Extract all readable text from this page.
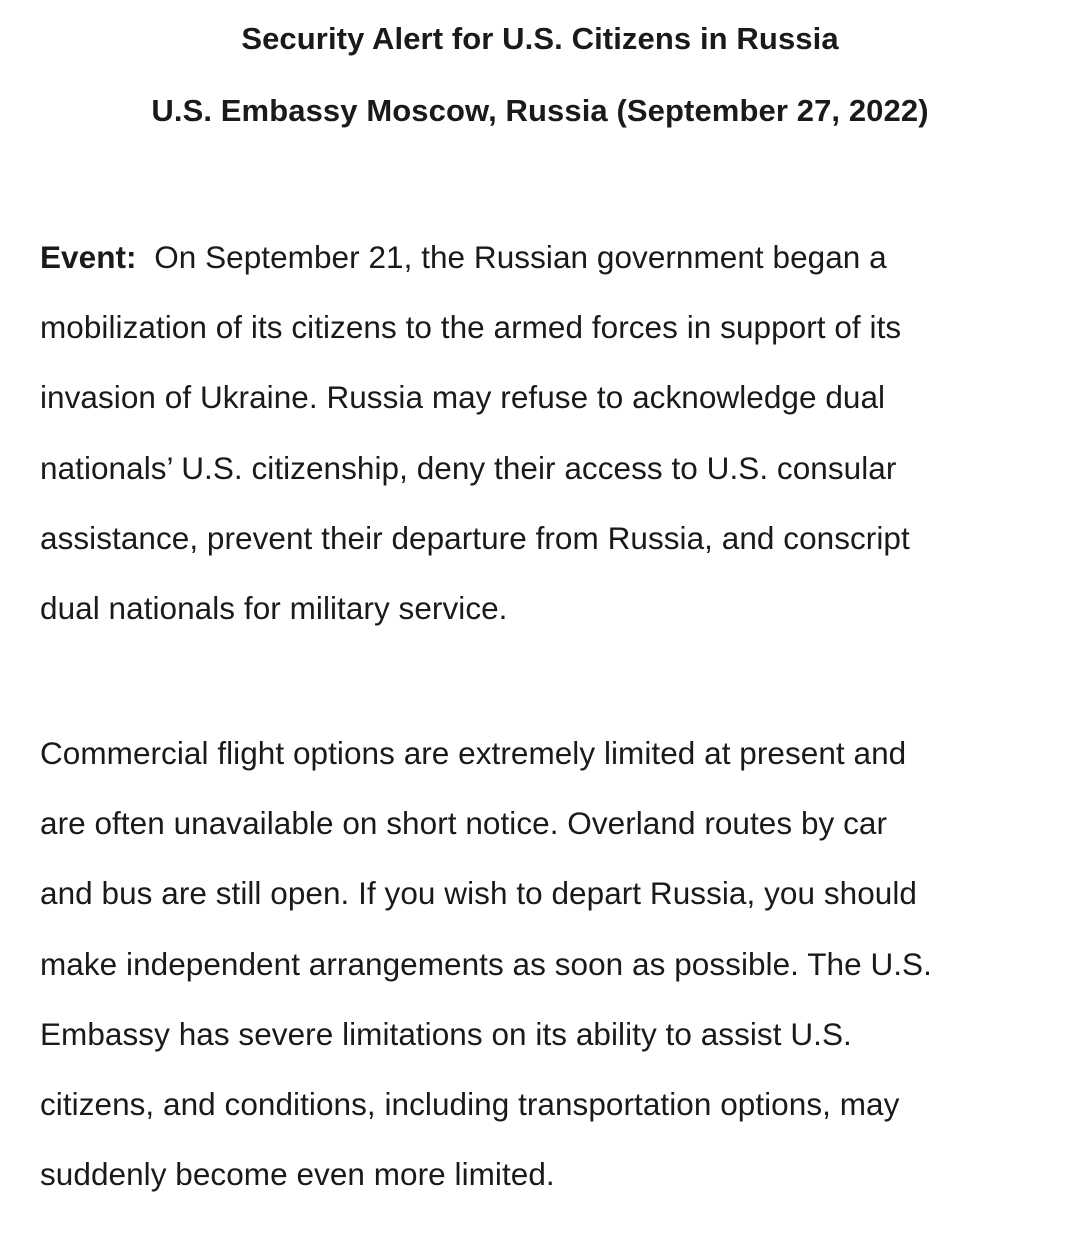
Security Alert for U.S. Citizens in Russia
U.S. Embassy Moscow, Russia (September 27, 2022)

Event: On September 21, the Russian government began a
mobilization of its citizens to the armed forces in support of its
invasion of Ukraine. Russia may refuse to acknowledge dual
nationals’ U.S. citizenship, deny their access to U.S. consular
assistance, prevent their departure from Russia, and conscript
dual nationals for military service.

Commercial flight options are extremely limited at present and
are often unavailable on short notice. Overland routes by car
and bus are still open. If you wish to depart Russia, you should
make independent arrangements as soon as possible. The U.S.
Embassy has severe limitations on its ability to assist U.S.
citizens, and conditions, including transportation options, may
suddenly become even more limited.
